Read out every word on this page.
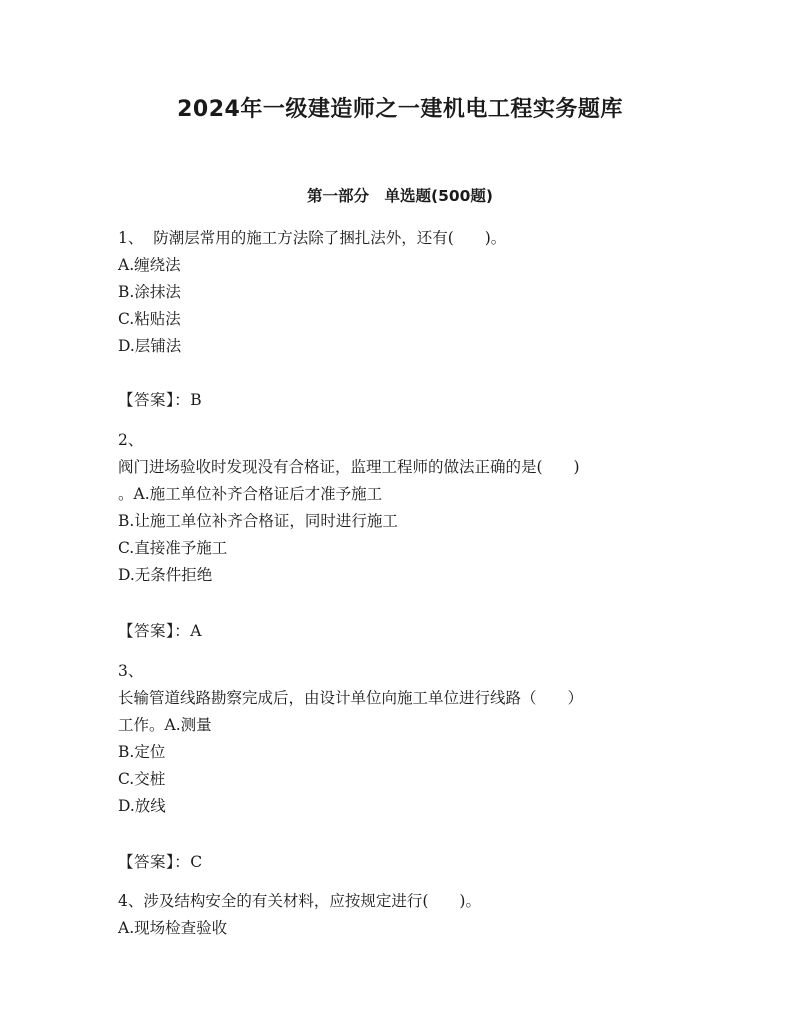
2024年一级建造师之一建机电工程实务题库
第一部分　单选题(500题)
1、  防潮层常用的施工方法除了捆扎法外，还有(　　)。
A.缠绕法
B.涂抹法
C.粘贴法
D.层铺法
【答案】：B
2、
阀门进场验收时发现没有合格证，监理工程师的做法正确的是(　　)
。A.施工单位补齐合格证后才准予施工
B.让施工单位补齐合格证，同时进行施工
C.直接准予施工
D.无条件拒绝
【答案】：A
3、
长输管道线路勘察完成后，由设计单位向施工单位进行线路（　　）
工作。A.测量
B.定位
C.交桩
D.放线
【答案】：C
4、涉及结构安全的有关材料，应按规定进行(　　)。
A.现场检查验收
